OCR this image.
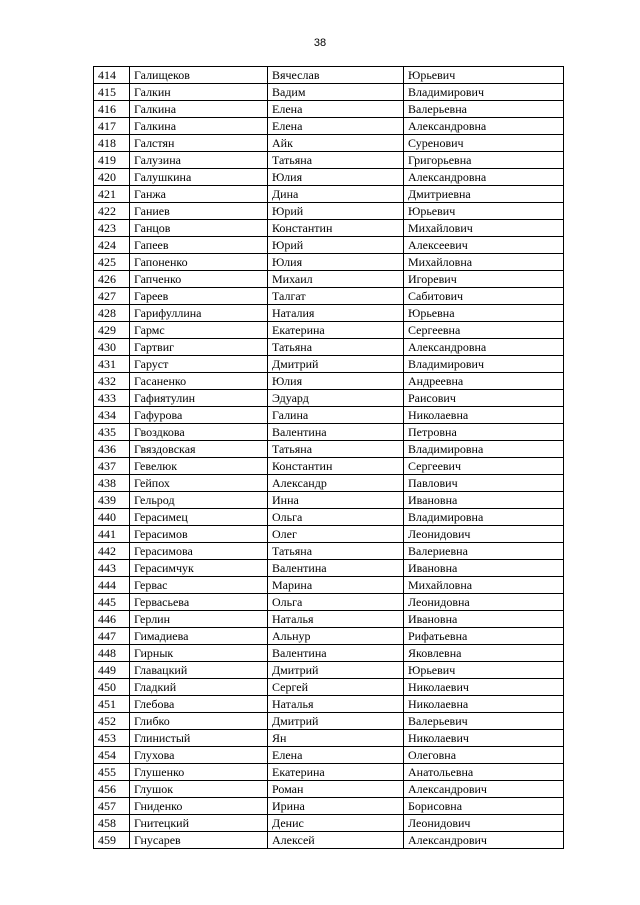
38
414	Галищеков	Вячеслав	Юрьевич
415	Галкин	Вадим	Владимирович
416	Галкина	Елена	Валерьевна
417	Галкина	Елена	Александровна
418	Галстян	Айк	Суренович
419	Галузина	Татьяна	Григорьевна
420	Галушкина	Юлия	Александровна
421	Ганжа	Дина	Дмитриевна
422	Ганиев	Юрий	Юрьевич
423	Ганцов	Константин	Михайлович
424	Гапеев	Юрий	Алексеевич
425	Гапоненко	Юлия	Михайловна
426	Гапченко	Михаил	Игоревич
427	Гареев	Талгат	Сабитович
428	Гарифуллина	Наталия	Юрьевна
429	Гармс	Екатерина	Сергеевна
430	Гартвиг	Татьяна	Александровна
431	Гаруст	Дмитрий	Владимирович
432	Гасаненко	Юлия	Андреевна
433	Гафиятулин	Эдуард	Раисович
434	Гафурова	Галина	Николаевна
435	Гвоздкова	Валентина	Петровна
436	Гвяздовская	Татьяна	Владимировна
437	Гевелюк	Константин	Сергеевич
438	Гейпох	Александр	Павлович
439	Гельрод	Инна	Ивановна
440	Герасимец	Ольга	Владимировна
441	Герасимов	Олег	Леонидович
442	Герасимова	Татьяна	Валериевна
443	Герасимчук	Валентина	Ивановна
444	Гервас	Марина	Михайловна
445	Гервасьева	Ольга	Леонидовна
446	Герлин	Наталья	Ивановна
447	Гимадиева	Альнур	Рифатьевна
448	Гирнык	Валентина	Яковлевна
449	Главацкий	Дмитрий	Юрьевич
450	Гладкий	Сергей	Николаевич
451	Глебова	Наталья	Николаевна
452	Глибко	Дмитрий	Валерьевич
453	Глинистый	Ян	Николаевич
454	Глухова	Елена	Олеговна
455	Глушенко	Екатерина	Анатольевна
456	Глушок	Роман	Александрович
457	Гниденко	Ирина	Борисовна
458	Гнитецкий	Денис	Леонидович
459	Гнусарев	Алексей	Александрович
